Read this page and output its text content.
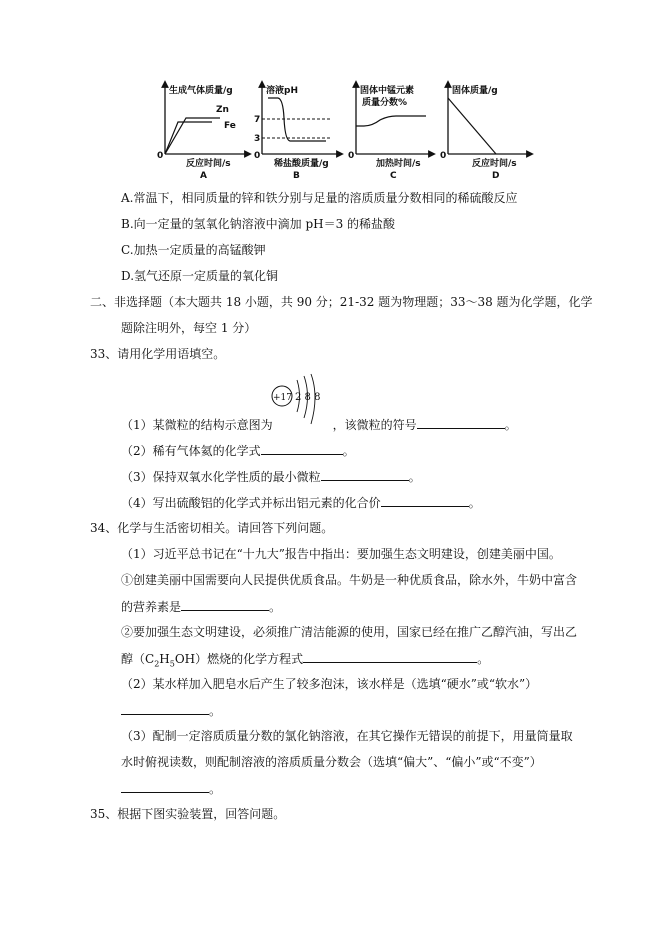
生成气体质量/g
Zn
Fe
0
反应时间/s
A
溶液pH
7
3
0
稀盐酸质量/g
B
固体中锰元素
质量分数%
0
加热时间/s
C
固体质量/g
0
反应时间/s
D
A.常温下，相同质量的锌和铁分别与足量的溶质质量分数相同的稀硫酸反应
B.向一定量的氢氧化钠溶液中滴加 pH＝3 的稀盐酸
C.加热一定质量的高锰酸钾
D.氢气还原一定质量的氧化铜
二、非选择题（本大题共 18 小题，共 90 分；21-32 题为物理题；33～38 题为化学题，化学
题除注明外，每空 1 分）
33、请用化学用语填空。
+17 2 8 8
（1）某微粒的结构示意图为	，该微粒的符号	。
（2）稀有气体氦的化学式	。
（3）保持双氧水化学性质的最小微粒	。
（4）写出硫酸铝的化学式并标出铝元素的化合价	。
34、化学与生活密切相关。请回答下列问题。
（1）习近平总书记在“十九大”报告中指出：要加强生态文明建设，创建美丽中国。
①创建美丽中国需要向人民提供优质食品。牛奶是一种优质食品，除水外，牛奶中富含
的营养素是	。
②要加强生态文明建设，必须推广清洁能源的使用，国家已经在推广乙醇汽油，写出乙
醇$(C_2H_5OH)$燃烧的化学方程式	。
（2）某水样加入肥皂水后产生了较多泡沫，该水样是（选填“硬水”或“软水”）
。
（3）配制一定溶质质量分数的氯化钠溶液，在其它操作无错误的前提下，用量筒量取
水时俯视读数，则配制溶液的溶质质量分数会（选填“偏大”、“偏小”或“不变”）
。
35、根据下图实验装置，回答问题。
